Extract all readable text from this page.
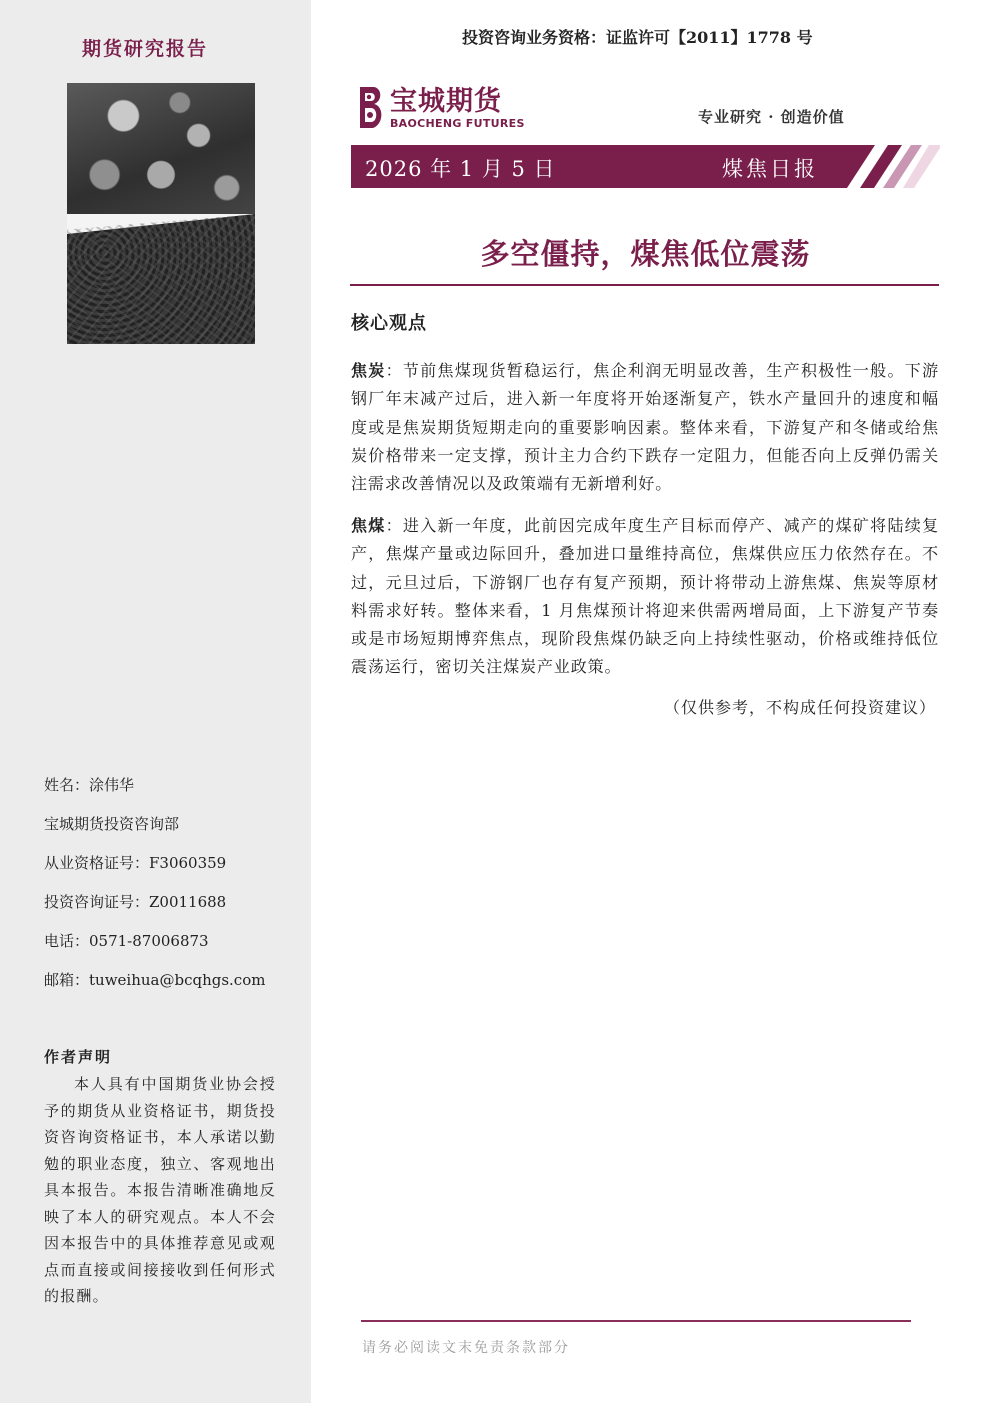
期货研究报告
姓名：涂伟华
宝城期货投资咨询部
从业资格证号：F3060359
投资咨询证号：Z0011688
电话：0571-87006873
邮箱：tuweihua@bcqhgs.com
作者声明
本人具有中国期货业协会授予的期货从业资格证书，期货投资咨询资格证书，本人承诺以勤勉的职业态度，独立、客观地出具本报告。本报告清晰准确地反映了本人的研究观点。本人不会因本报告中的具体推荐意见或观点而直接或间接接收到任何形式的报酬。
投资咨询业务资格：证监许可【2011】1778 号
宝城期货
BAOCHENG FUTURES	专业研究 · 创造价值
2026 年 1 月 5 日	煤焦日报
多空僵持，煤焦低位震荡
核心观点
焦炭：节前焦煤现货暂稳运行，焦企利润无明显改善，生产积极性一般。下游钢厂年末减产过后，进入新一年度将开始逐渐复产，铁水产量回升的速度和幅度或是焦炭期货短期走向的重要影响因素。整体来看，下游复产和冬储或给焦炭价格带来一定支撑，预计主力合约下跌存一定阻力，但能否向上反弹仍需关注需求改善情况以及政策端有无新增利好。
焦煤：进入新一年度，此前因完成年度生产目标而停产、减产的煤矿将陆续复产，焦煤产量或边际回升，叠加进口量维持高位，焦煤供应压力依然存在。不过，元旦过后，下游钢厂也存有复产预期，预计将带动上游焦煤、焦炭等原材料需求好转。整体来看，1 月焦煤预计将迎来供需两增局面，上下游复产节奏或是市场短期博弈焦点，现阶段焦煤仍缺乏向上持续性驱动，价格或维持低位震荡运行，密切关注煤炭产业政策。
（仅供参考，不构成任何投资建议）
请务必阅读文末免责条款部分
